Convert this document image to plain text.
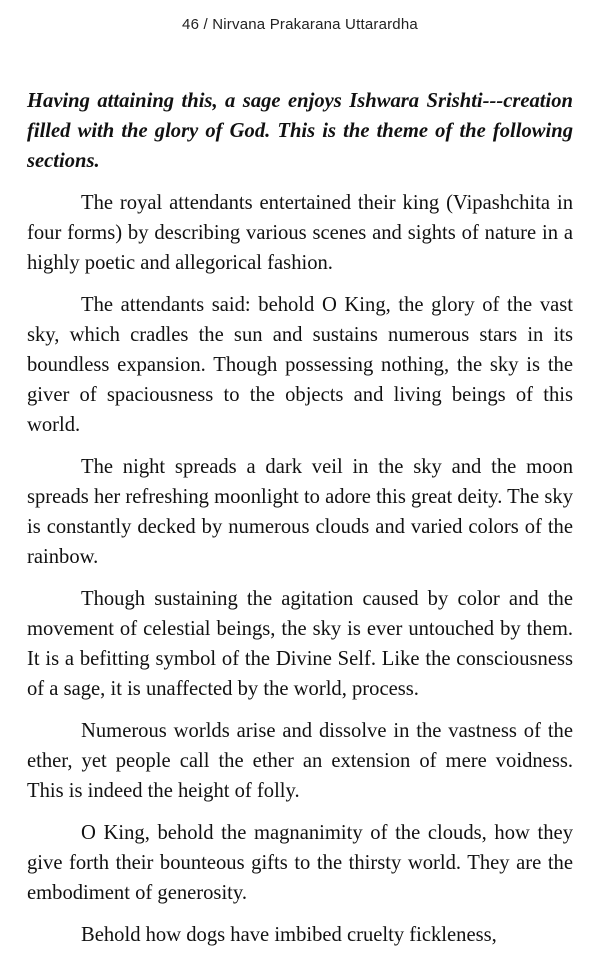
46 / Nirvana Prakarana Uttarardha

Having attaining this, a sage enjoys Ishwara Srishti---creation filled with the glory of God. This is the theme of the following sections.

The royal attendants entertained their king (Vipashchita in four forms) by describing various scenes and sights of nature in a highly poetic and allegorical fashion.

The attendants said: behold O King, the glory of the vast sky, which cradles the sun and sustains numerous stars in its boundless expansion. Though possessing nothing, the sky is the giver of spaciousness to the objects and living beings of this world.

The night spreads a dark veil in the sky and the moon spreads her refreshing moonlight to adore this great deity. The sky is constantly decked by numerous clouds and varied colors of the rainbow.

Though sustaining the agitation caused by color and the movement of celestial beings, the sky is ever untouched by them. It is a befitting symbol of the Divine Self. Like the consciousness of a sage, it is unaffected by the world, process.

Numerous worlds arise and dissolve in the vastness of the ether, yet people call the ether an extension of mere voidness. This is indeed the height of folly.

O King, behold the magnanimity of the clouds, how they give forth their bounteous gifts to the thirsty world. They are the embodiment of generosity.

Behold how dogs have imbibed cruelty fickleness,
